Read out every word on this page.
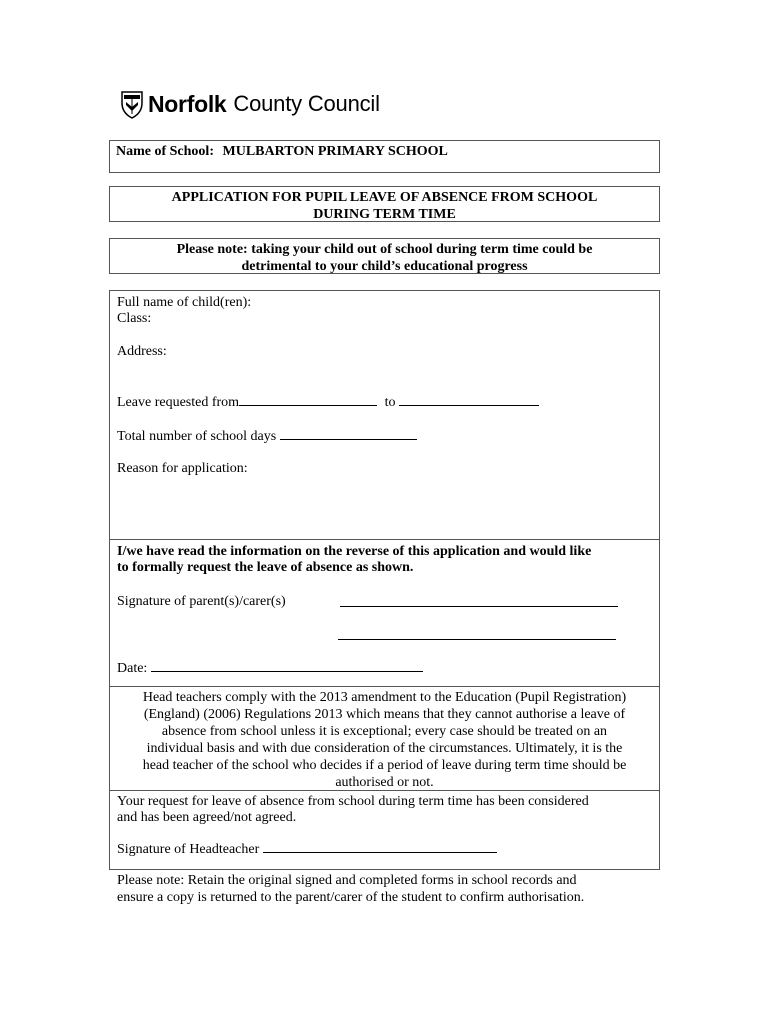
Norfolk County Council
Name of School: MULBARTON PRIMARY SCHOOL
APPLICATION FOR PUPIL LEAVE OF ABSENCE FROM SCHOOL
DURING TERM TIME
Please note: taking your child out of school during term time could be
detrimental to your child’s educational progress
Full name of child(ren):
Class:
Address:
Leave requested from	to
Total number of school days
Reason for application:
I/we have read the information on the reverse of this application and would like
to formally request the leave of absence as shown.
Signature of parent(s)/carer(s)
Date:
Head teachers comply with the 2013 amendment to the Education (Pupil Registration)
(England) (2006) Regulations 2013 which means that they cannot authorise a leave of
absence from school unless it is exceptional; every case should be treated on an
individual basis and with due consideration of the circumstances. Ultimately, it is the
head teacher of the school who decides if a period of leave during term time should be
authorised or not.
Your request for leave of absence from school during term time has been considered
and has been agreed/not agreed.
Signature of Headteacher
Please note: Retain the original signed and completed forms in school records and
ensure a copy is returned to the parent/carer of the student to confirm authorisation.
